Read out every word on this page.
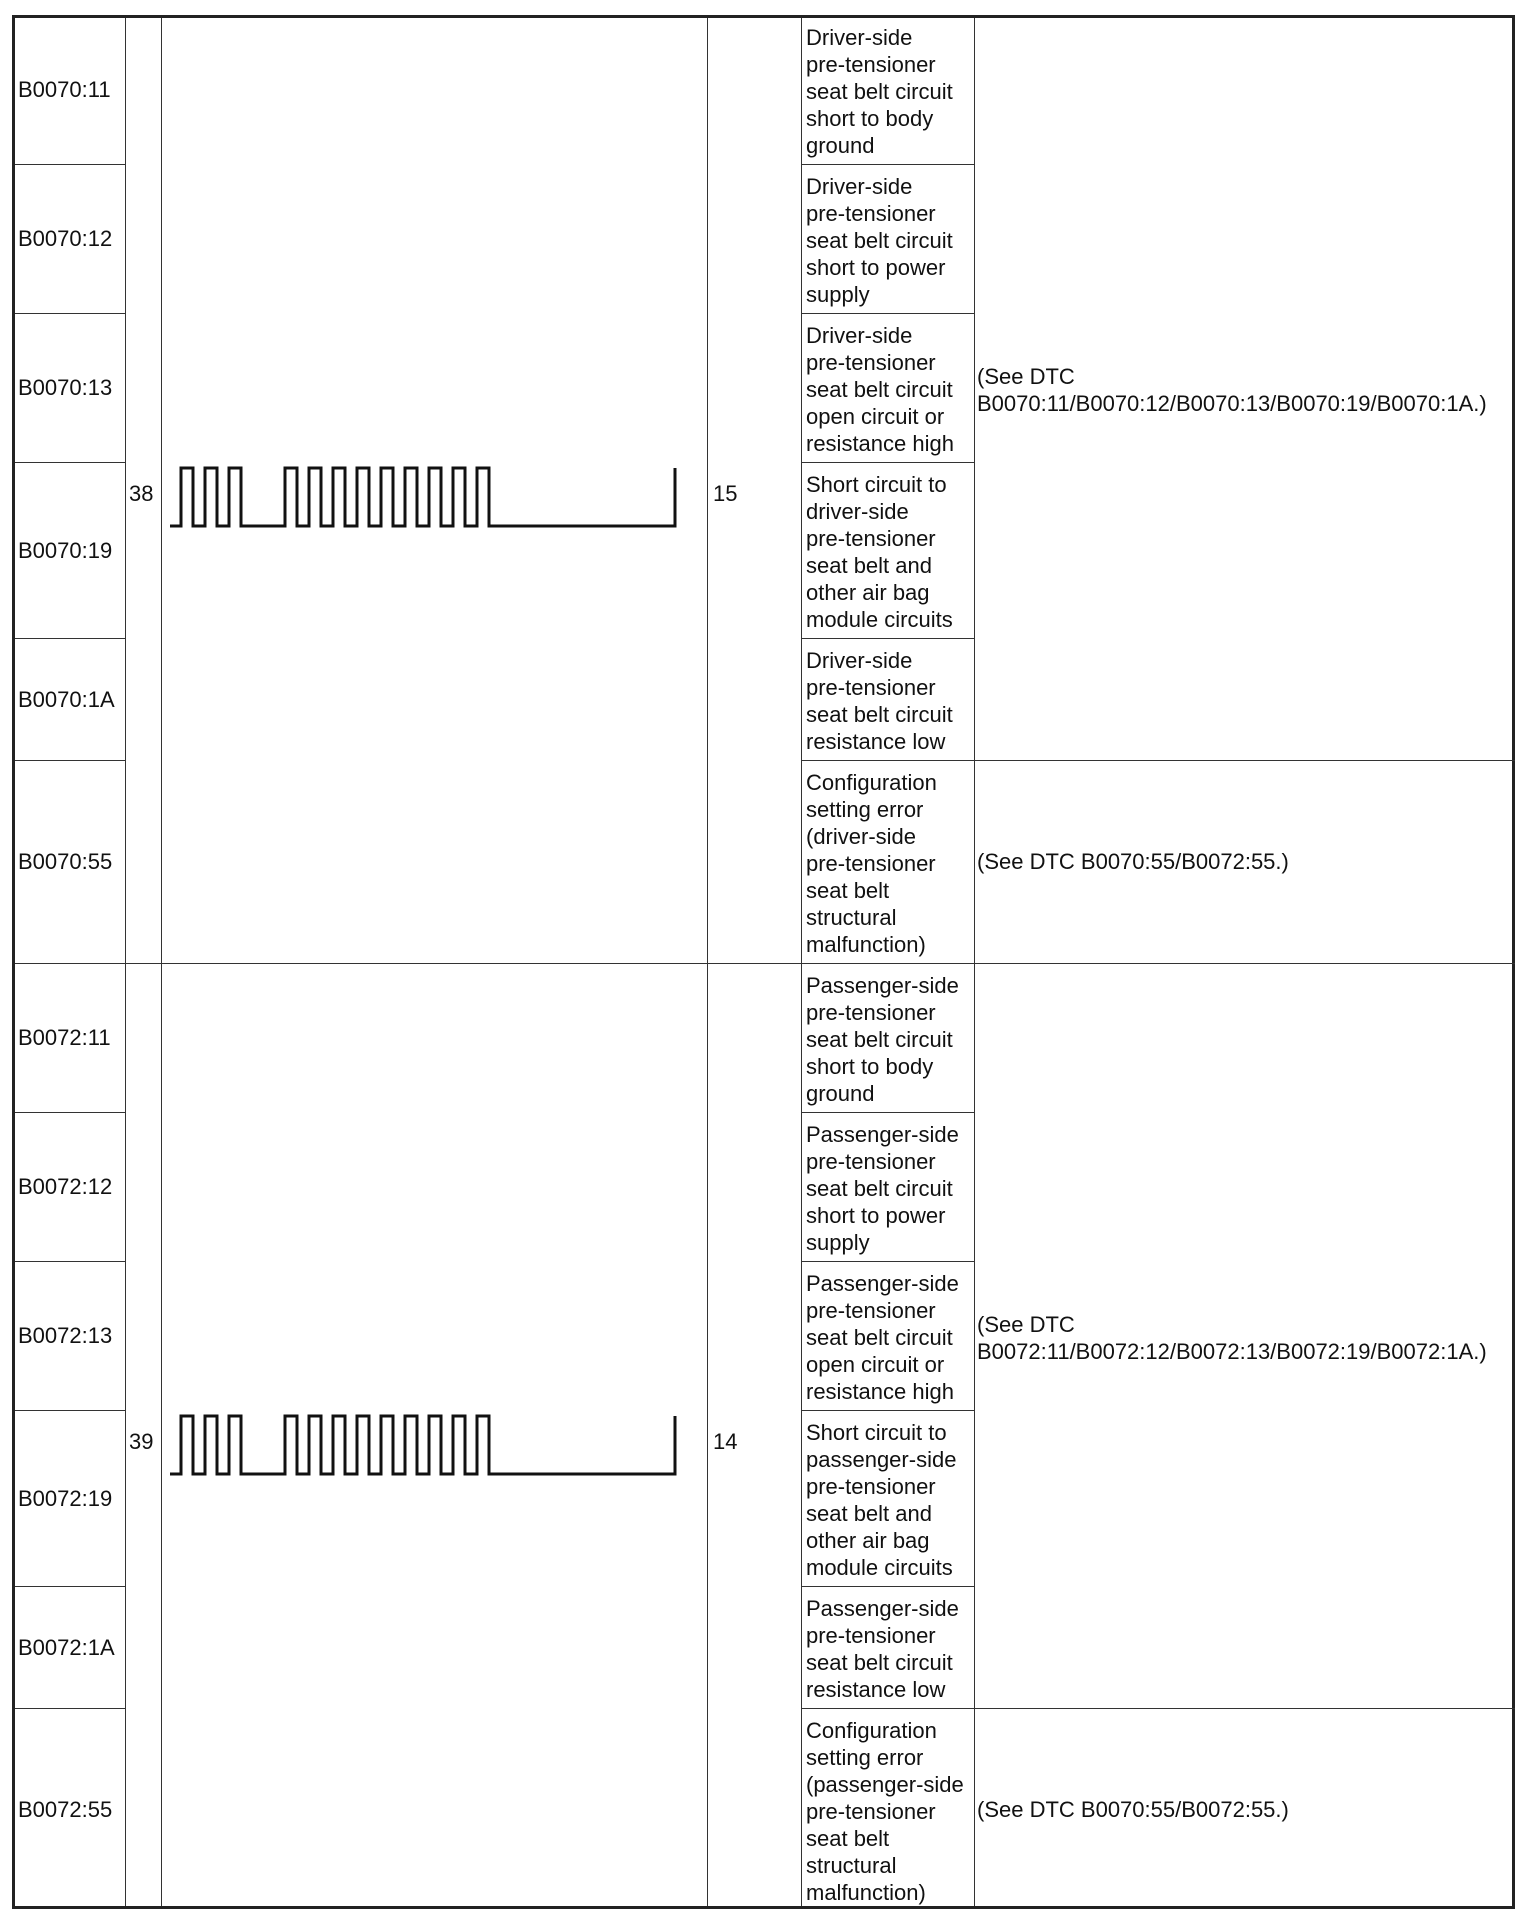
B0070:11
B0070:12
B0070:13
B0070:19
B0070:1A
B0070:55
38	15
Driver-side
pre-tensioner
seat belt circuit
short to body
ground
Driver-side
pre-tensioner
seat belt circuit
short to power
supply
Driver-side
pre-tensioner
seat belt circuit
open circuit or
resistance high
Short circuit to
driver-side
pre-tensioner
seat belt and
other air bag
module circuits
Driver-side
pre-tensioner
seat belt circuit
resistance low
Configuration
setting error
(driver-side
pre-tensioner
seat belt
structural
malfunction)
(See DTC
B0070:11/B0070:12/B0070:13/B0070:19/B0070:1A.)
(See DTC B0070:55/B0072:55.)
B0072:11
B0072:12
B0072:13
B0072:19
B0072:1A
B0072:55
39	14
Passenger-side
pre-tensioner
seat belt circuit
short to body
ground
Passenger-side
pre-tensioner
seat belt circuit
short to power
supply
Passenger-side
pre-tensioner
seat belt circuit
open circuit or
resistance high
Short circuit to
passenger-side
pre-tensioner
seat belt and
other air bag
module circuits
Passenger-side
pre-tensioner
seat belt circuit
resistance low
Configuration
setting error
(passenger-side
pre-tensioner
seat belt
structural
malfunction)
(See DTC
B0072:11/B0072:12/B0072:13/B0072:19/B0072:1A.)
(See DTC B0070:55/B0072:55.)
